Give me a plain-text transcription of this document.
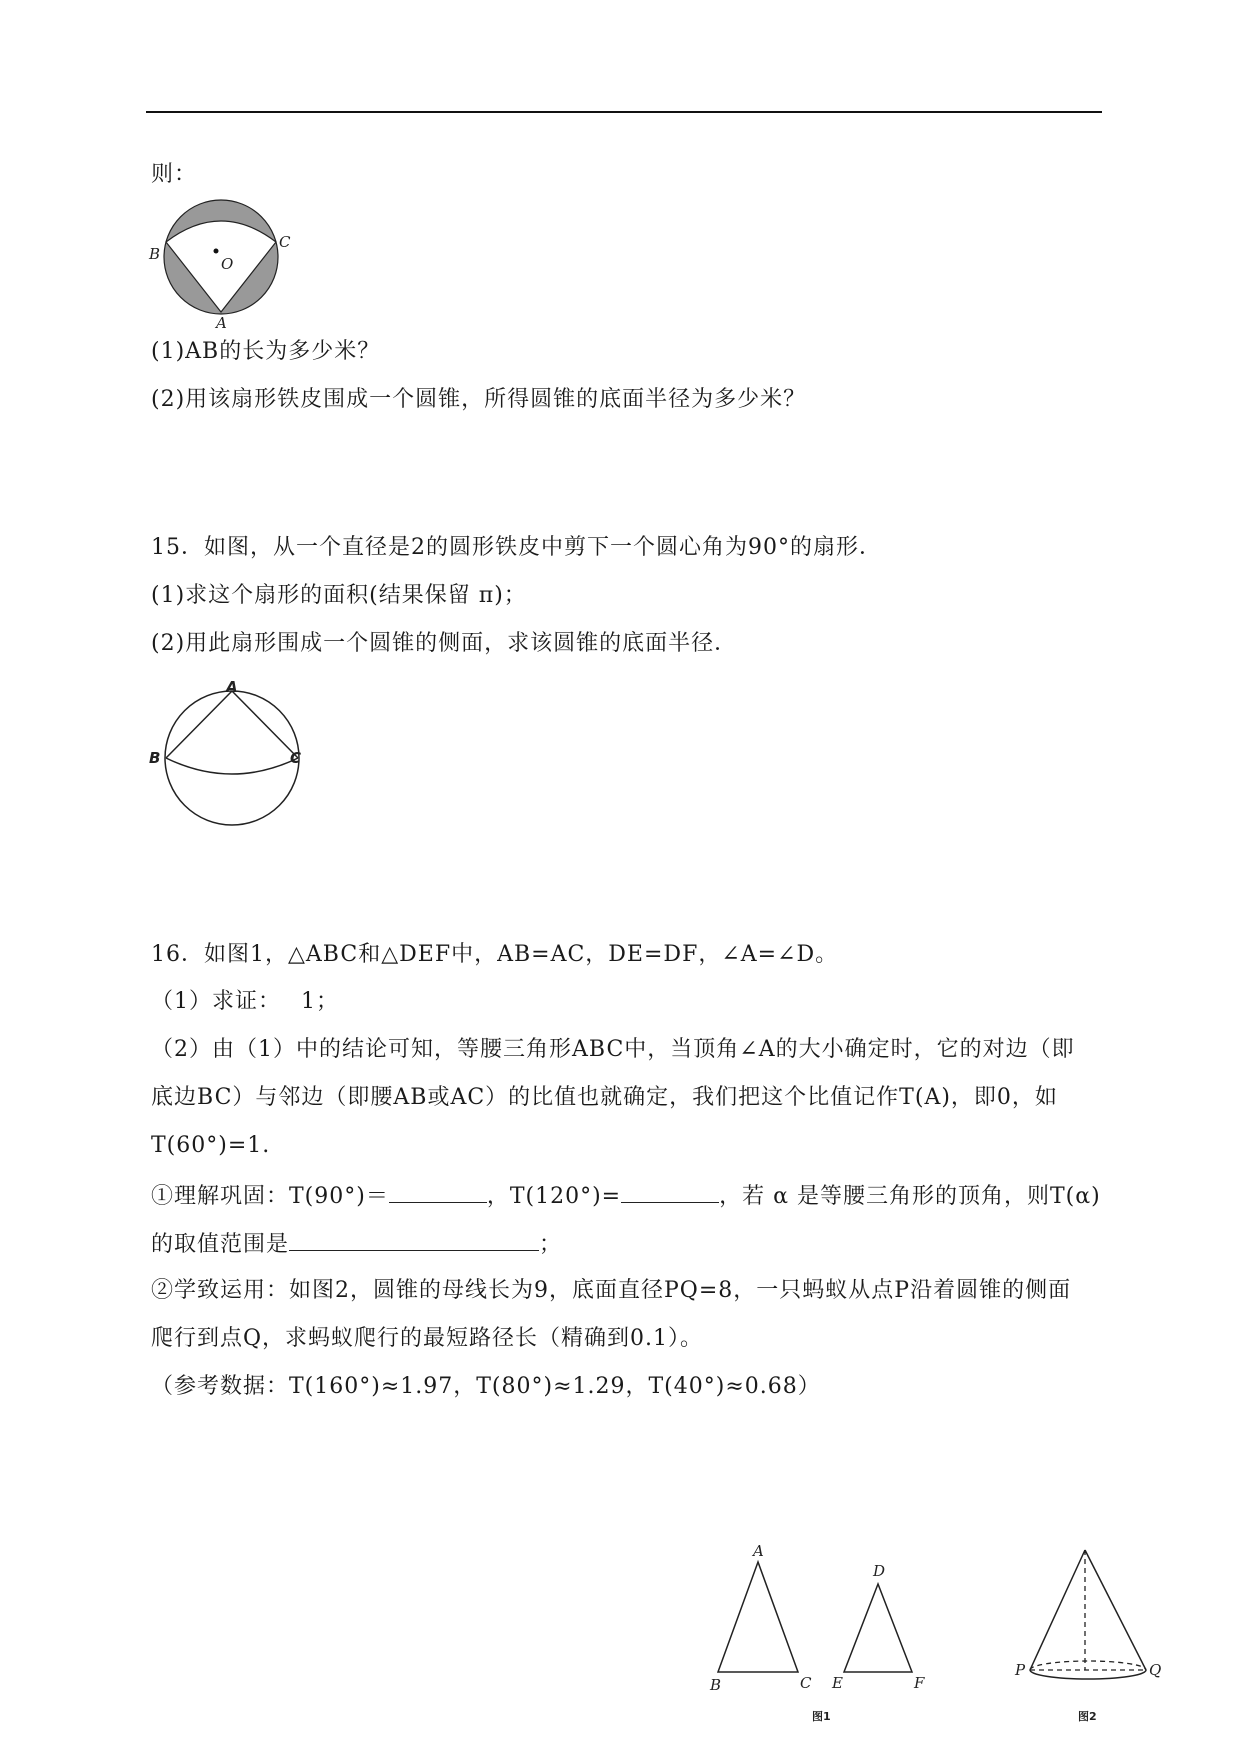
则：
B
O
C
A
(1)AB的长为多少米？
(2)用该扇形铁皮围成一个圆锥，所得圆锥的底面半径为多少米？
15．如图，从一个直径是2的圆形铁皮中剪下一个圆心角为90°的扇形．
(1)求这个扇形的面积(结果保留 π)；
(2)用此扇形围成一个圆锥的侧面，求该圆锥的底面半径．
A
B	C
16．如图1，△ABC和△DEF中，AB=AC，DE=DF，∠A=∠D。
（1）求证：　 1；
（2）由（1）中的结论可知，等腰三角形ABC中，当顶角∠A的大小确定时，它的对边（即
底边BC）与邻边（即腰AB或AC）的比值也就确定，我们把这个比值记作T(A)，即0，如
T(60°)=1.
①理解巩固：T(90°)＝	，T(120°)=	，若 α 是等腰三角形的顶角，则T(α)
的取值范围是	；
②学致运用：如图2，圆锥的母线长为9，底面直径PQ=8，一只蚂蚁从点P沿着圆锥的侧面
爬行到点Q，求蚂蚁爬行的最短路径长（精确到0.1）。
（参考数据：T(160°)≈1.97，T(80°)≈1.29，T(40°)≈0.68）
A
B	C
D
E	F
图1
P	Q
图2
